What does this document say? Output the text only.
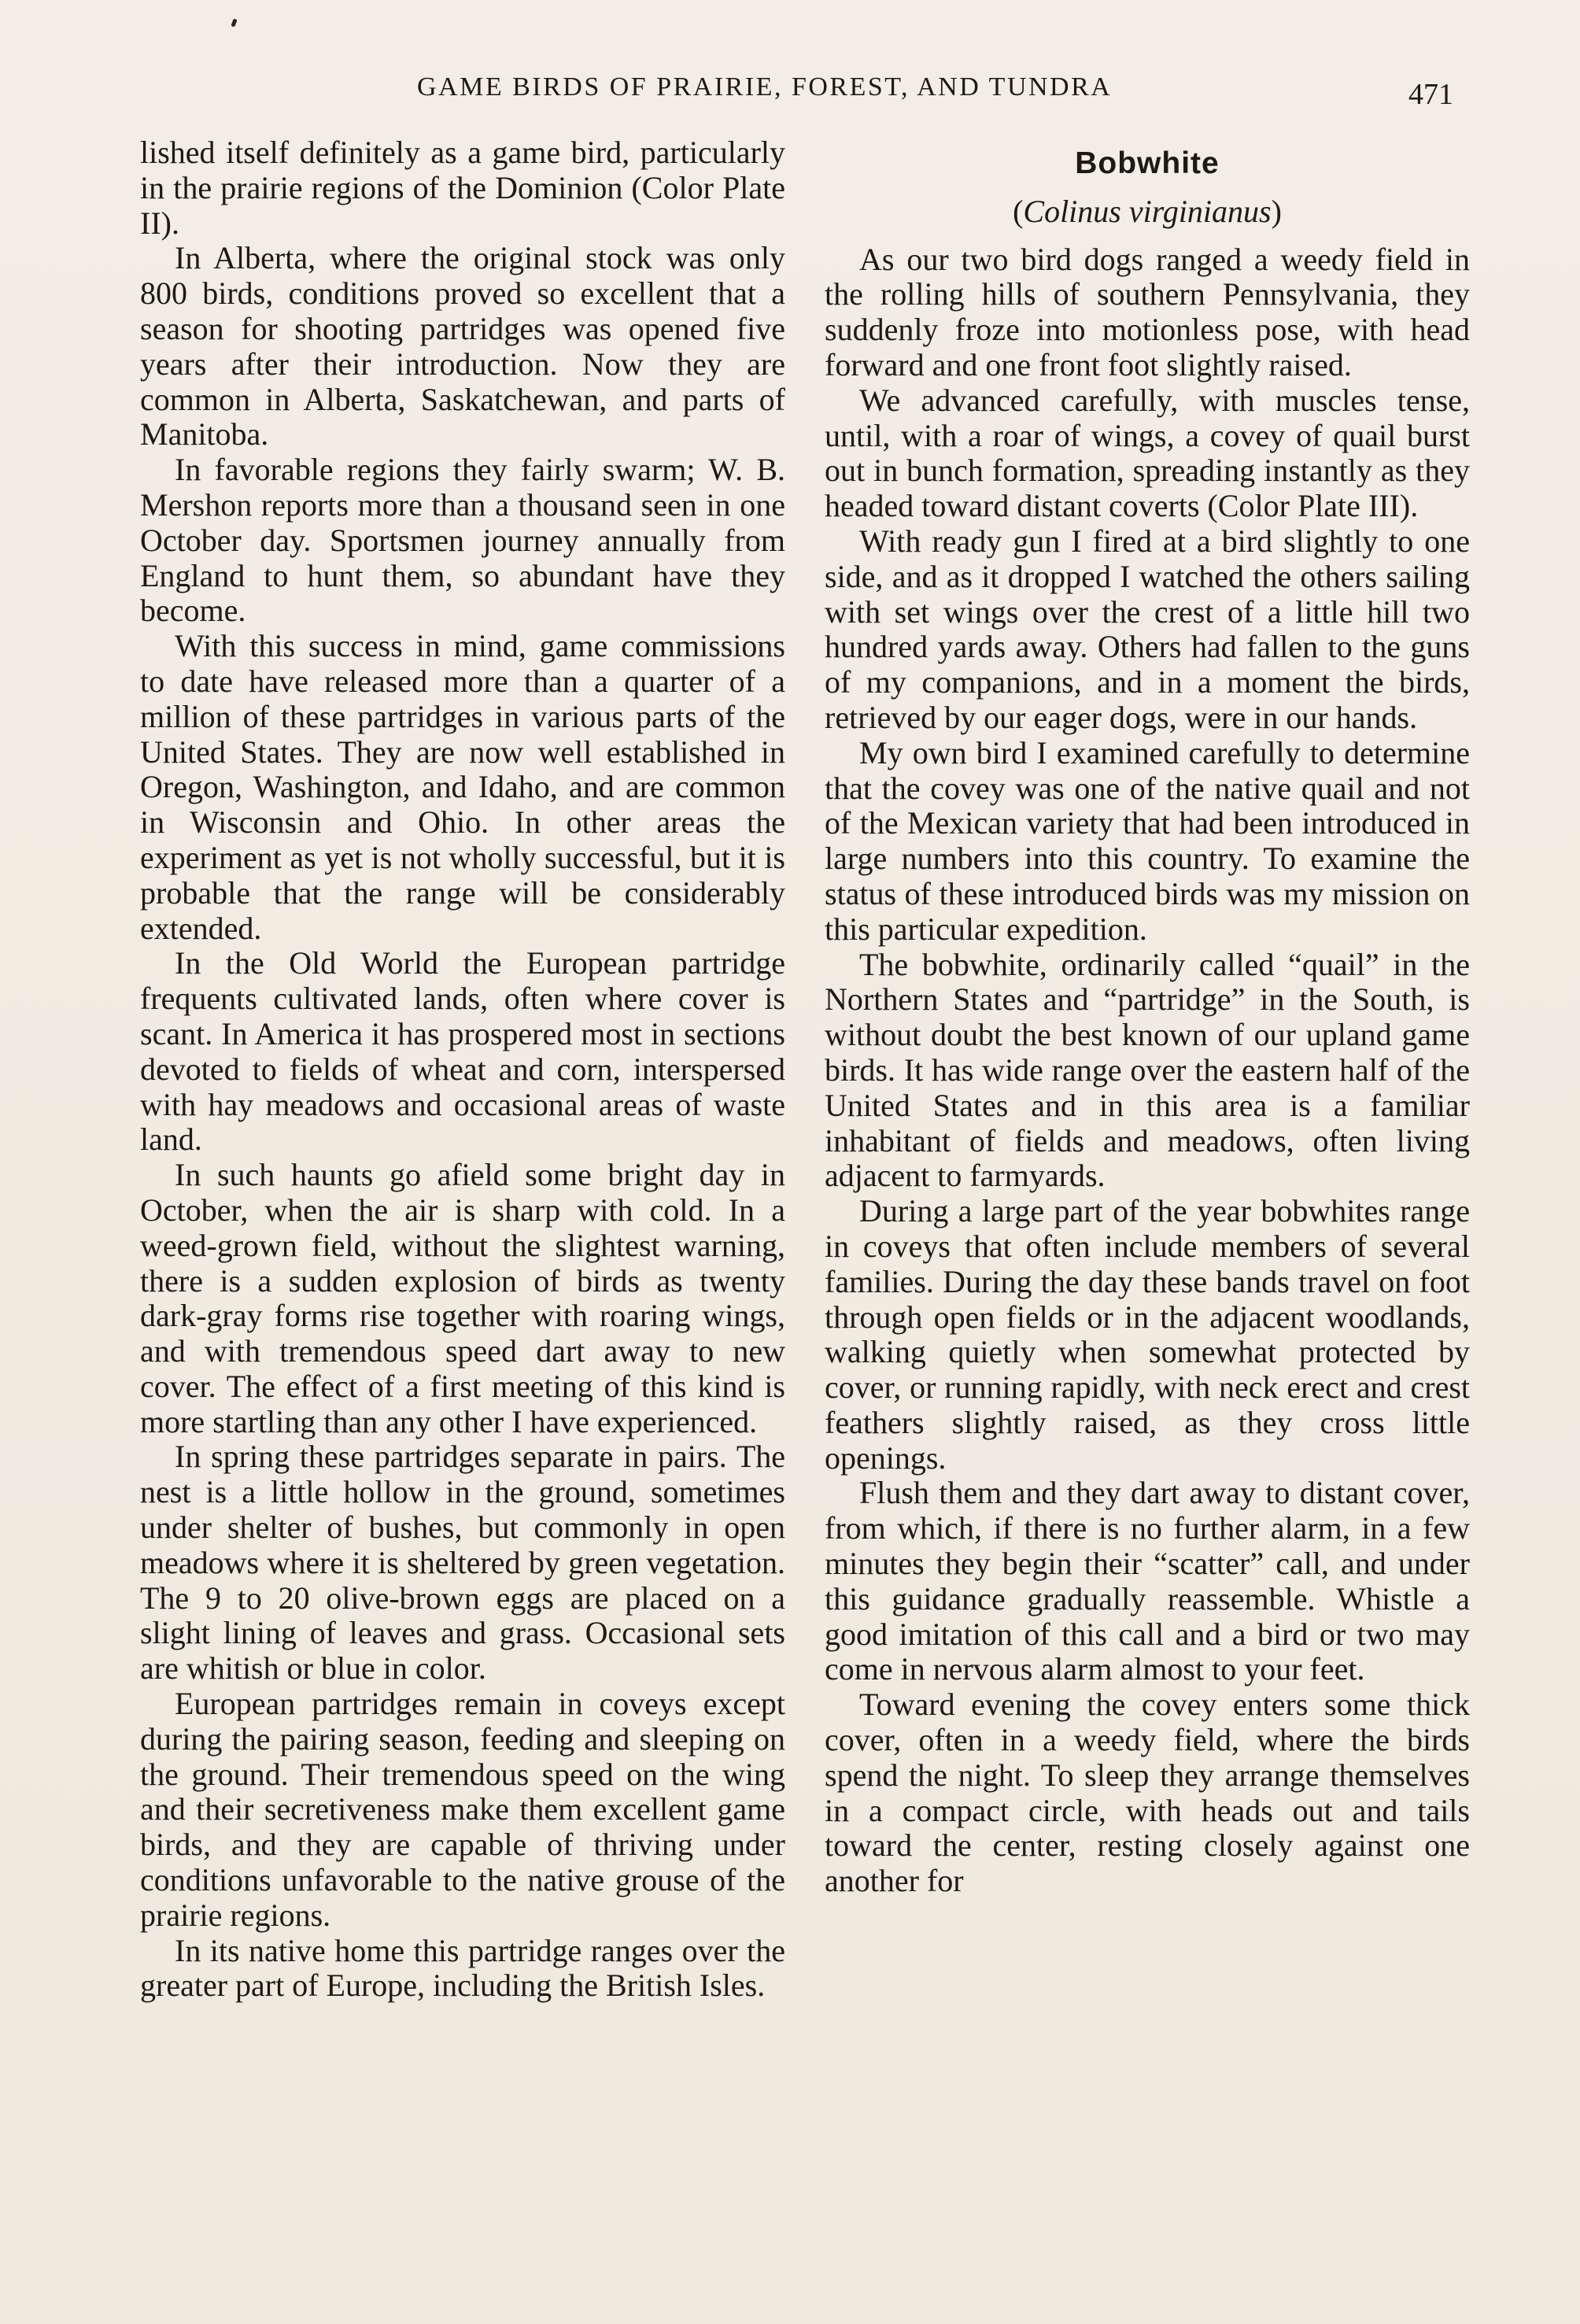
GAME BIRDS OF PRAIRIE, FOREST, AND TUNDRA	471

lished itself definitely as a game bird, particularly in the prairie regions of the Dominion (Color Plate II).

In Alberta, where the original stock was only 800 birds, conditions proved so excellent that a season for shooting partridges was opened five years after their introduction. Now they are common in Alberta, Saskatchewan, and parts of Manitoba.

In favorable regions they fairly swarm; W. B. Mershon reports more than a thousand seen in one October day. Sportsmen journey annually from England to hunt them, so abundant have they become.

With this success in mind, game commissions to date have released more than a quarter of a million of these partridges in various parts of the United States. They are now well established in Oregon, Washington, and Idaho, and are common in Wisconsin and Ohio. In other areas the experiment as yet is not wholly successful, but it is probable that the range will be considerably extended.

In the Old World the European partridge frequents cultivated lands, often where cover is scant. In America it has prospered most in sections devoted to fields of wheat and corn, interspersed with hay meadows and occasional areas of waste land.

In such haunts go afield some bright day in October, when the air is sharp with cold. In a weed-grown field, without the slightest warning, there is a sudden explosion of birds as twenty dark-gray forms rise together with roaring wings, and with tremendous speed dart away to new cover. The effect of a first meeting of this kind is more startling than any other I have experienced.

In spring these partridges separate in pairs. The nest is a little hollow in the ground, sometimes under shelter of bushes, but commonly in open meadows where it is sheltered by green vegetation. The 9 to 20 olive-brown eggs are placed on a slight lining of leaves and grass. Occasional sets are whitish or blue in color.

European partridges remain in coveys except during the pairing season, feeding and sleeping on the ground. Their tremendous speed on the wing and their secretiveness make them excellent game birds, and they are capable of thriving under conditions unfavorable to the native grouse of the prairie regions.

In its native home this partridge ranges over the greater part of Europe, including the British Isles.

Bobwhite
(Colinus virginianus)

As our two bird dogs ranged a weedy field in the rolling hills of southern Pennsylvania, they suddenly froze into motionless pose, with head forward and one front foot slightly raised.

We advanced carefully, with muscles tense, until, with a roar of wings, a covey of quail burst out in bunch formation, spreading instantly as they headed toward distant coverts (Color Plate III).

With ready gun I fired at a bird slightly to one side, and as it dropped I watched the others sailing with set wings over the crest of a little hill two hundred yards away. Others had fallen to the guns of my companions, and in a moment the birds, retrieved by our eager dogs, were in our hands.

My own bird I examined carefully to determine that the covey was one of the native quail and not of the Mexican variety that had been introduced in large numbers into this country. To examine the status of these introduced birds was my mission on this particular expedition.

The bobwhite, ordinarily called “quail” in the Northern States and “partridge” in the South, is without doubt the best known of our upland game birds. It has wide range over the eastern half of the United States and in this area is a familiar inhabitant of fields and meadows, often living adjacent to farmyards.

During a large part of the year bobwhites range in coveys that often include members of several families. During the day these bands travel on foot through open fields or in the adjacent woodlands, walking quietly when somewhat protected by cover, or running rapidly, with neck erect and crest feathers slightly raised, as they cross little openings.

Flush them and they dart away to distant cover, from which, if there is no further alarm, in a few minutes they begin their “scatter” call, and under this guidance gradually reassemble. Whistle a good imitation of this call and a bird or two may come in nervous alarm almost to your feet.

Toward evening the covey enters some thick cover, often in a weedy field, where the birds spend the night. To sleep they arrange themselves in a compact circle, with heads out and tails toward the center, resting closely against one another for
